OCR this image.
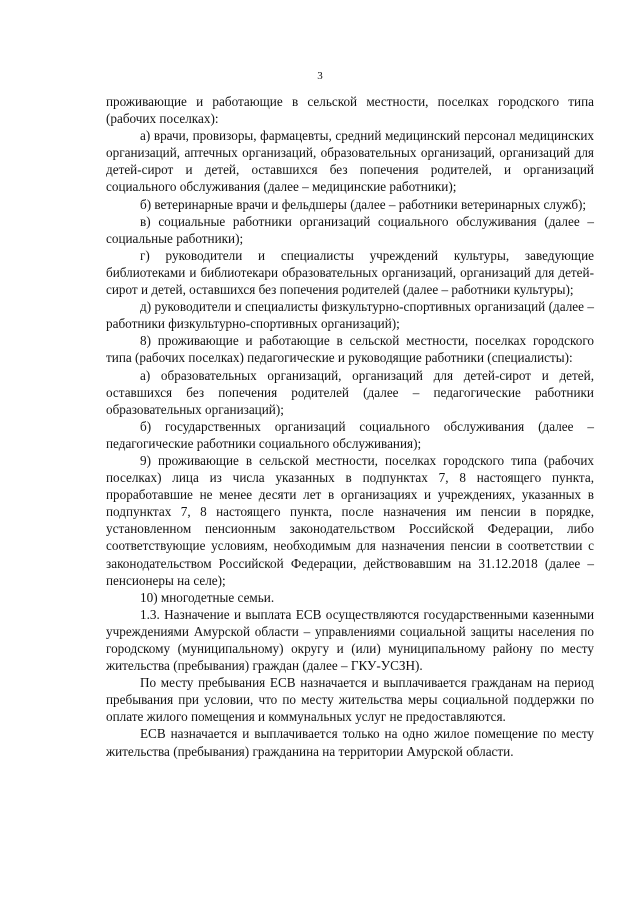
3

проживающие и работающие в сельской местности, поселках городского типа (рабочих поселках):

а) врачи, провизоры, фармацевты, средний медицинский персонал медицинских организаций, аптечных организаций, образовательных организаций, организаций для детей-сирот и детей, оставшихся без попечения родителей, и организаций социального обслуживания (далее – медицинские работники);

б) ветеринарные врачи и фельдшеры (далее – работники ветеринарных служб);

в) социальные работники организаций социального обслуживания (далее – социальные работники);

г) руководители и специалисты учреждений культуры, заведующие библиотеками и библиотекари образовательных организаций, организаций для детей-сирот и детей, оставшихся без попечения родителей (далее – работники культуры);

д) руководители и специалисты физкультурно-спортивных организаций (далее – работники физкультурно-спортивных организаций);

8) проживающие и работающие в сельской местности, поселках городского типа (рабочих поселках) педагогические и руководящие работники (специалисты):

а) образовательных организаций, организаций для детей-сирот и детей, оставшихся без попечения родителей (далее – педагогические работники образовательных организаций);

б) государственных организаций социального обслуживания (далее – педагогические работники социального обслуживания);

9) проживающие в сельской местности, поселках городского типа (рабочих поселках) лица из числа указанных в подпунктах 7, 8 настоящего пункта, проработавшие не менее десяти лет в организациях и учреждениях, указанных в подпунктах 7, 8 настоящего пункта, после назначения им пенсии в порядке, установленном пенсионным законодательством Российской Федерации, либо соответствующие условиям, необходимым для назначения пенсии в соответствии с законодательством Российской Федерации, действовавшим на 31.12.2018 (далее – пенсионеры на селе);

10) многодетные семьи.

1.3. Назначение и выплата ЕСВ осуществляются государственными казенными учреждениями Амурской области – управлениями социальной защиты населения по городскому (муниципальному) округу и (или) муниципальному району по месту жительства (пребывания) граждан (далее – ГКУ-УСЗН).

По месту пребывания ЕСВ назначается и выплачивается гражданам на период пребывания при условии, что по месту жительства меры социальной поддержки по оплате жилого помещения и коммунальных услуг не предоставляются.

ЕСВ назначается и выплачивается только на одно жилое помещение по месту жительства (пребывания) гражданина на территории Амурской области.
